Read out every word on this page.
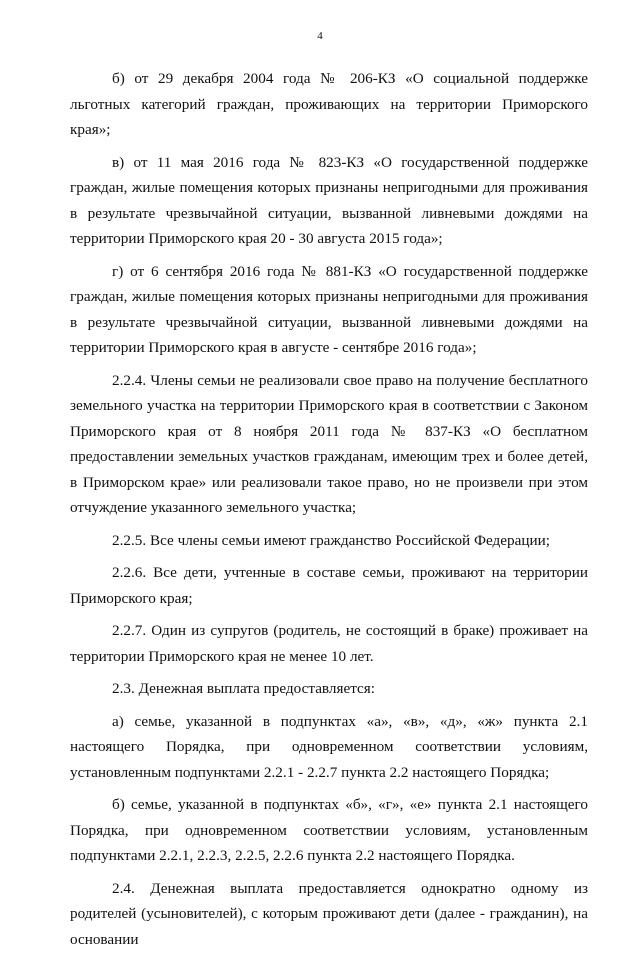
4

б) от 29 декабря 2004 года № 206-КЗ «О социальной поддержке льготных категорий граждан, проживающих на территории Приморского края»;

в) от 11 мая 2016 года № 823-КЗ «О государственной поддержке граждан, жилые помещения которых признаны непригодными для проживания в результате чрезвычайной ситуации, вызванной ливневыми дождями на территории Приморского края 20 - 30 августа 2015 года»;

г) от 6 сентября 2016 года № 881-КЗ «О государственной поддержке граждан, жилые помещения которых признаны непригодными для проживания в результате чрезвычайной ситуации, вызванной ливневыми дождями на территории Приморского края в августе - сентябре 2016 года»;

2.2.4. Члены семьи не реализовали свое право на получение бесплатного земельного участка на территории Приморского края в соответствии с Законом Приморского края от 8 ноября 2011 года № 837-КЗ «О бесплатном предоставлении земельных участков гражданам, имеющим трех и более детей, в Приморском крае» или реализовали такое право, но не произвели при этом отчуждение указанного земельного участка;

2.2.5. Все члены семьи имеют гражданство Российской Федерации;

2.2.6. Все дети, учтенные в составе семьи, проживают на территории Приморского края;

2.2.7. Один из супругов (родитель, не состоящий в браке) проживает на территории Приморского края не менее 10 лет.

2.3. Денежная выплата предоставляется:

а) семье, указанной в подпунктах «а», «в», «д», «ж» пункта 2.1 настоящего Порядка, при одновременном соответствии условиям, установленным подпунктами 2.2.1 - 2.2.7 пункта 2.2 настоящего Порядка;

б) семье, указанной в подпунктах «б», «г», «е» пункта 2.1 настоящего Порядка, при одновременном соответствии условиям, установленным подпунктами 2.2.1, 2.2.3, 2.2.5, 2.2.6 пункта 2.2 настоящего Порядка.

2.4. Денежная выплата предоставляется однократно одному из родителей (усыновителей), с которым проживают дети (далее - гражданин), на основании
